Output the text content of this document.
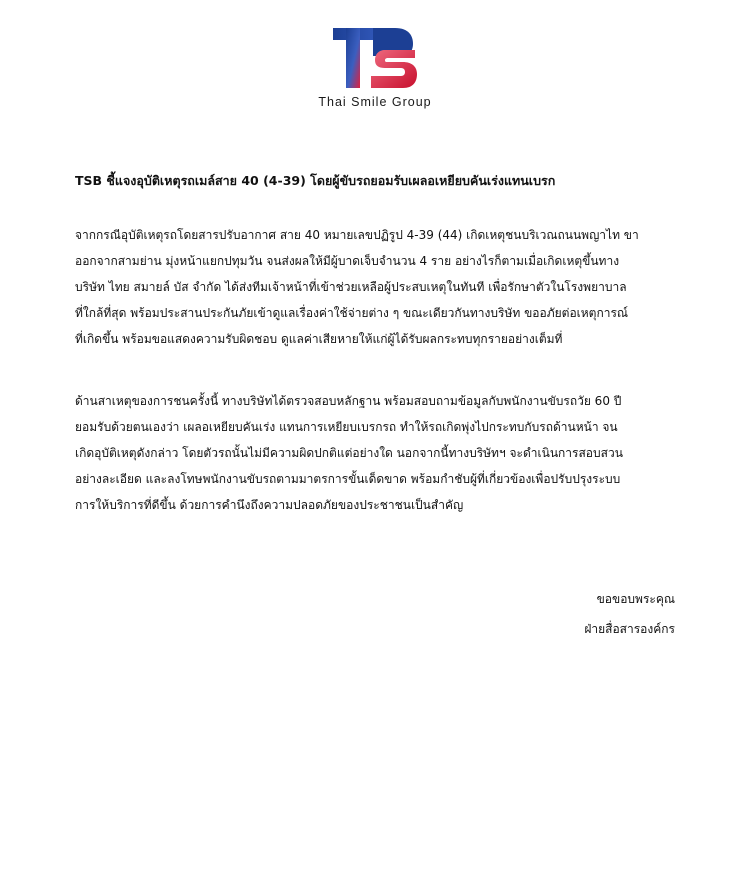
Thai Smile Group
TSB ชี้แจงอุบัติเหตุรถเมล์สาย 40 (4-39) โดยผู้ขับรถยอมรับเผลอเหยียบคันเร่งแทนเบรก

จากกรณีอุบัติเหตุรถโดยสารปรับอากาศ สาย 40 หมายเลขปฏิรูป 4-39 (44) เกิดเหตุชนบริเวณถนนพญาไท ขา
ออกจากสามย่าน มุ่งหน้าแยกปทุมวัน จนส่งผลให้มีผู้บาดเจ็บจำนวน 4 ราย อย่างไรก็ตามเมื่อเกิดเหตุขึ้นทาง
บริษัท ไทย สมายล์ บัส จำกัด ได้ส่งทีมเจ้าหน้าที่เข้าช่วยเหลือผู้ประสบเหตุในทันที เพื่อรักษาตัวในโรงพยาบาล
ที่ใกล้ที่สุด พร้อมประสานประกันภัยเข้าดูแลเรื่องค่าใช้จ่ายต่าง ๆ ขณะเดียวกันทางบริษัท ขออภัยต่อเหตุการณ์
ที่เกิดขึ้น พร้อมขอแสดงความรับผิดชอบ ดูแลค่าเสียหายให้แก่ผู้ได้รับผลกระทบทุกรายอย่างเต็มที่

ด้านสาเหตุของการชนครั้งนี้ ทางบริษัทได้ตรวจสอบหลักฐาน พร้อมสอบถามข้อมูลกับพนักงานขับรถวัย 60 ปี
ยอมรับด้วยตนเองว่า เผลอเหยียบคันเร่ง แทนการเหยียบเบรกรถ ทำให้รถเกิดพุ่งไปกระทบกับรถด้านหน้า จน
เกิดอุบัติเหตุดังกล่าว โดยตัวรถนั้นไม่มีความผิดปกติแต่อย่างใด นอกจากนี้ทางบริษัทฯ จะดำเนินการสอบสวน
อย่างละเอียด และลงโทษพนักงานขับรถตามมาตรการขั้นเด็ดขาด พร้อมกำชับผู้ที่เกี่ยวข้องเพื่อปรับปรุงระบบ
การให้บริการที่ดีขึ้น ด้วยการคำนึงถึงความปลอดภัยของประชาชนเป็นสำคัญ

ขอขอบพระคุณ
ฝ่ายสื่อสารองค์กร
